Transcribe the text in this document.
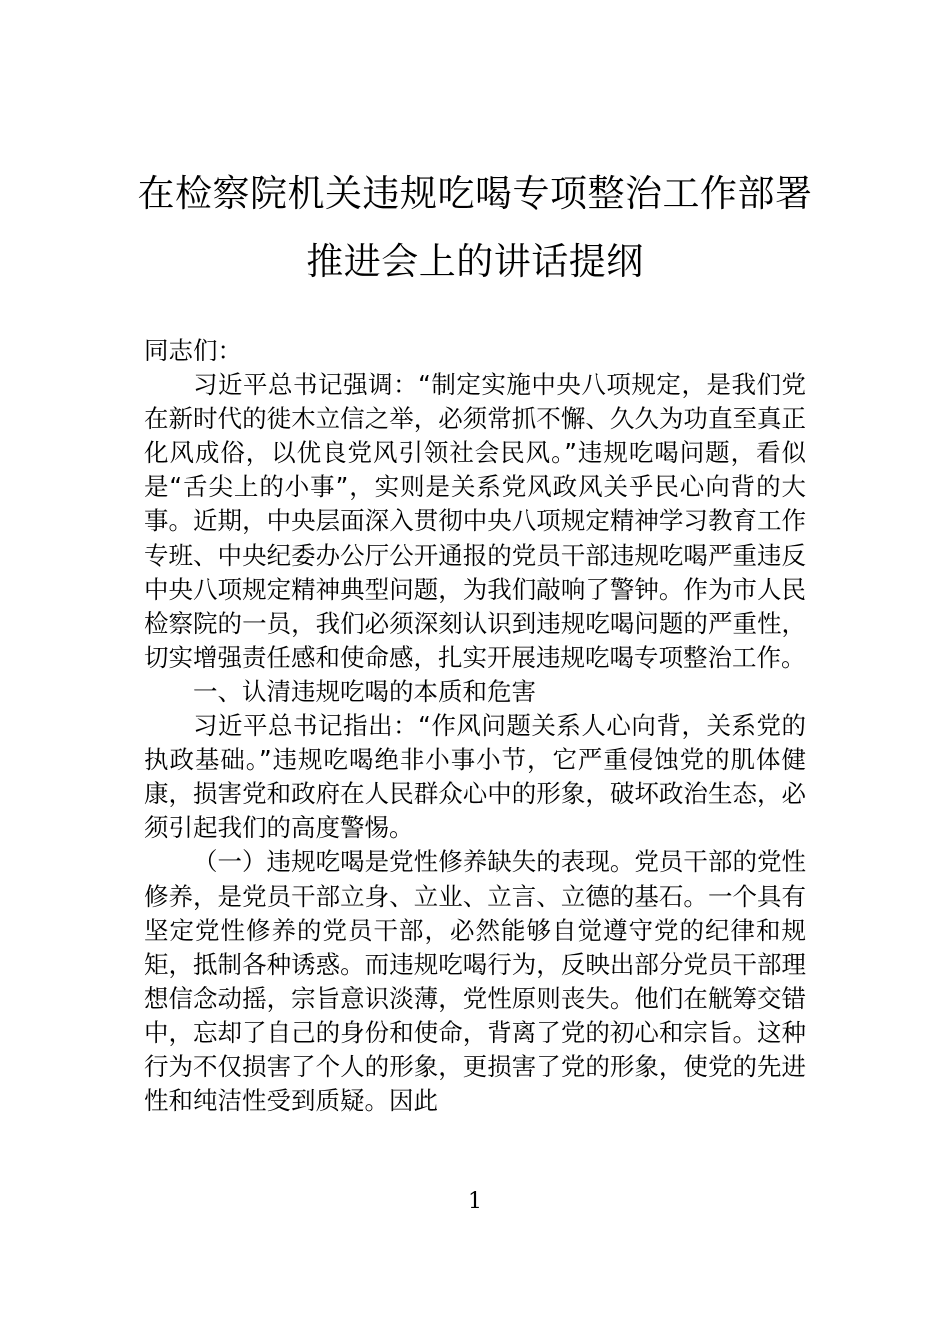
在检察院机关违规吃喝专项整治工作部署
推进会上的讲话提纲

同志们：

习近平总书记强调：“制定实施中央八项规定，是我们党在新时代的徙木立信之举，必须常抓不懈、久久为功直至真正化风成俗，以优良党风引领社会民风。”违规吃喝问题，看似是“舌尖上的小事”，实则是关系党风政风关乎民心向背的大事。近期，中央层面深入贯彻中央八项规定精神学习教育工作专班、中央纪委办公厅公开通报的党员干部违规吃喝严重违反中央八项规定精神典型问题，为我们敲响了警钟。作为市人民检察院的一员，我们必须深刻认识到违规吃喝问题的严重性，切实增强责任感和使命感，扎实开展违规吃喝专项整治工作。

一、认清违规吃喝的本质和危害

习近平总书记指出：“作风问题关系人心向背，关系党的执政基础。”违规吃喝绝非小事小节，它严重侵蚀党的肌体健康，损害党和政府在人民群众心中的形象，破坏政治生态，必须引起我们的高度警惕。

（一）违规吃喝是党性修养缺失的表现。党员干部的党性修养，是党员干部立身、立业、立言、立德的基石。一个具有坚定党性修养的党员干部，必然能够自觉遵守党的纪律和规矩，抵制各种诱惑。而违规吃喝行为，反映出部分党员干部理想信念动摇，宗旨意识淡薄，党性原则丧失。他们在觥筹交错中，忘却了自己的身份和使命，背离了党的初心和宗旨。这种行为不仅损害了个人的形象，更损害了党的形象，使党的先进性和纯洁性受到质疑。因此

1
